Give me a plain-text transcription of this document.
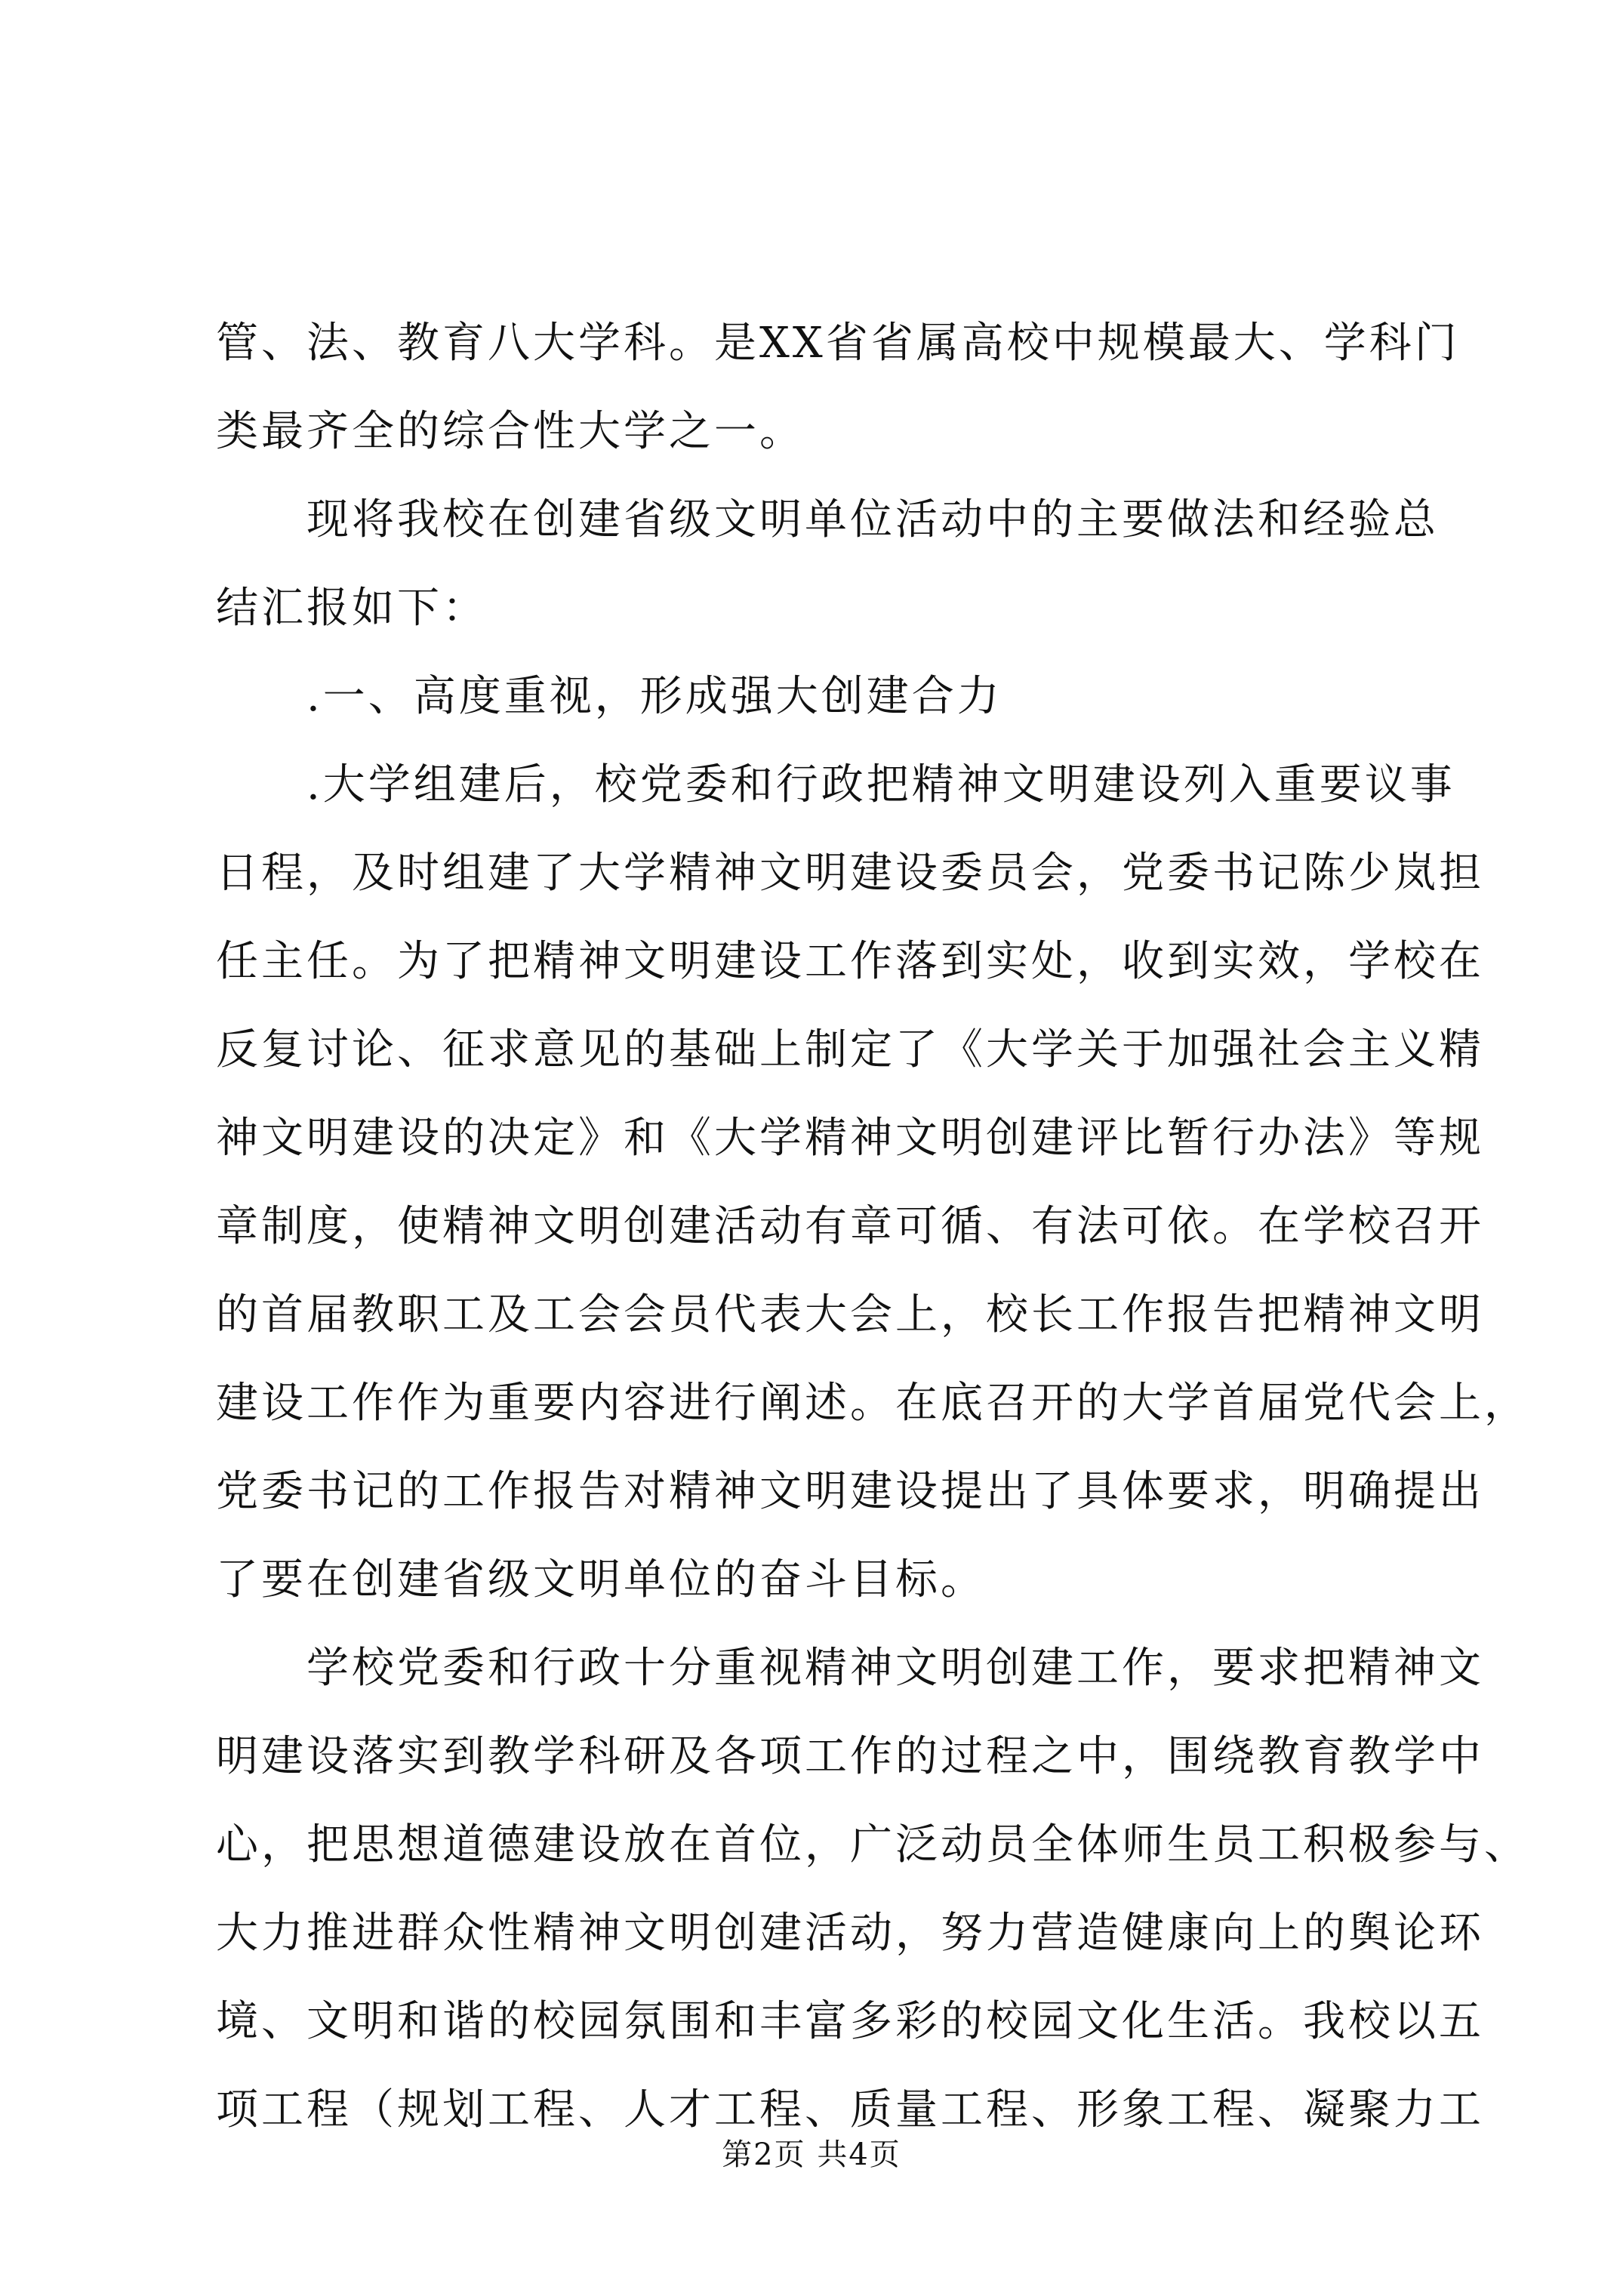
管、法、教育八大学科。是XX省省属高校中规模最大、学科门
类最齐全的综合性大学之一。
　　现将我校在创建省级文明单位活动中的主要做法和经验总
结汇报如下：
　　.一、高度重视，形成强大创建合力
　　.大学组建后，校党委和行政把精神文明建设列入重要议事
日程，及时组建了大学精神文明建设委员会，党委书记陈少岚担
任主任。为了把精神文明建设工作落到实处，收到实效，学校在
反复讨论、征求意见的基础上制定了《大学关于加强社会主义精
神文明建设的决定》和《大学精神文明创建评比暂行办法》等规
章制度，使精神文明创建活动有章可循、有法可依。在学校召开
的首届教职工及工会会员代表大会上，校长工作报告把精神文明
建设工作作为重要内容进行阐述。在底召开的大学首届党代会上，
党委书记的工作报告对精神文明建设提出了具体要求，明确提出
了要在创建省级文明单位的奋斗目标。
　　学校党委和行政十分重视精神文明创建工作，要求把精神文
明建设落实到教学科研及各项工作的过程之中，围绕教育教学中
心，把思想道德建设放在首位，广泛动员全体师生员工积极参与、
大力推进群众性精神文明创建活动，努力营造健康向上的舆论环
境、文明和谐的校园氛围和丰富多彩的校园文化生活。我校以五
项工程（规划工程、人才工程、质量工程、形象工程、凝聚力工
第2页 共4页
